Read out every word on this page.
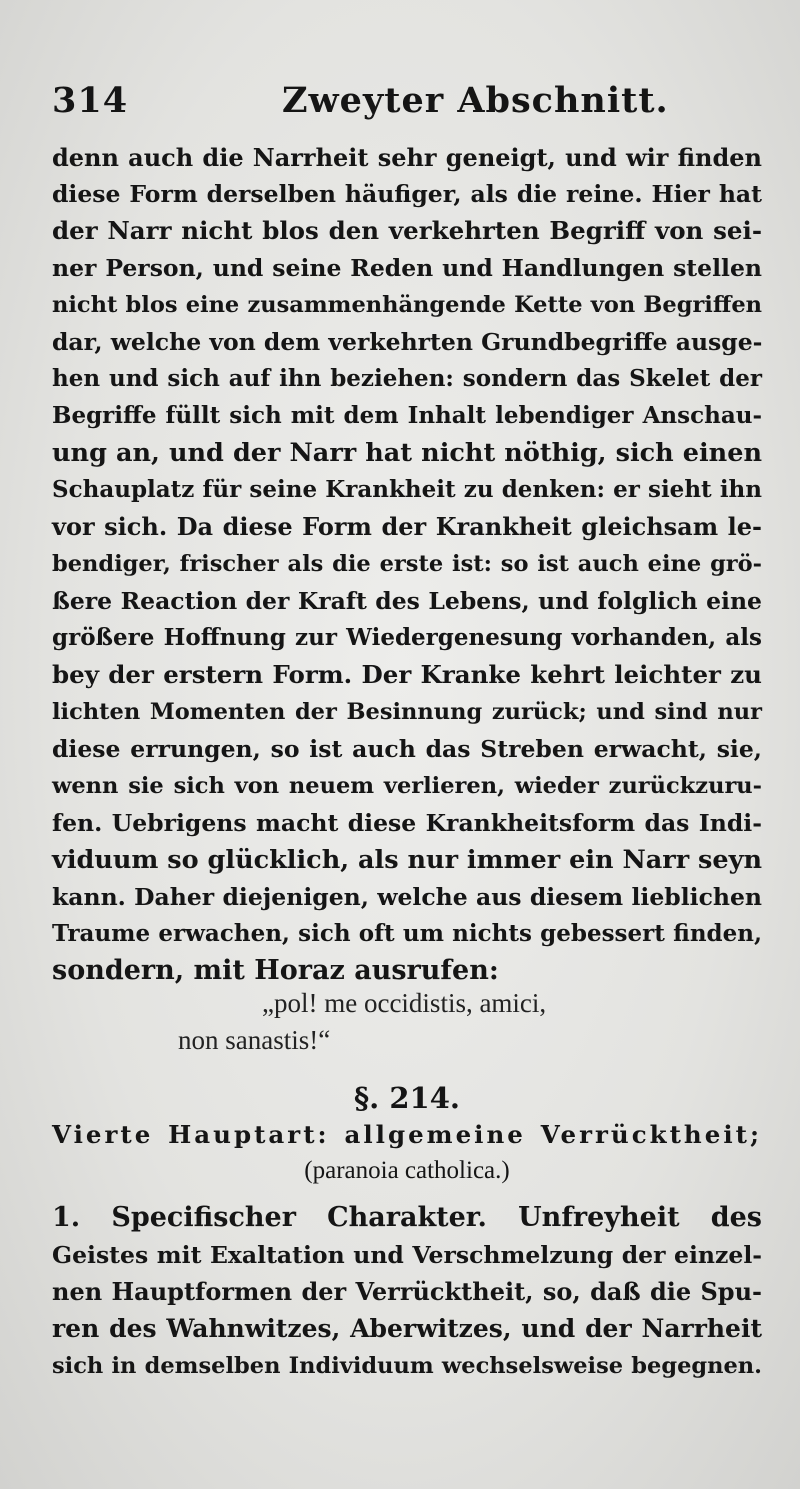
314	Zweyter Abschnitt.
denn auch die Narrheit sehr geneigt, und wir finden
diese Form derselben häufiger, als die reine. Hier hat
der Narr nicht blos den verkehrten Begriff von sei-
ner Person, und seine Reden und Handlungen stellen
nicht blos eine zusammenhängende Kette von Begriffen
dar, welche von dem verkehrten Grundbegriffe ausge-
hen und sich auf ihn beziehen: sondern das Skelet der
Begriffe füllt sich mit dem Inhalt lebendiger Anschau-
ung an, und der Narr hat nicht nöthig, sich einen
Schauplatz für seine Krankheit zu denken: er sieht ihn
vor sich. Da diese Form der Krankheit gleichsam le-
bendiger, frischer als die erste ist: so ist auch eine grö-
ßere Reaction der Kraft des Lebens, und folglich eine
größere Hoffnung zur Wiedergenesung vorhanden, als
bey der erstern Form. Der Kranke kehrt leichter zu
lichten Momenten der Besinnung zurück; und sind nur
diese errungen, so ist auch das Streben erwacht, sie,
wenn sie sich von neuem verlieren, wieder zurückzuru-
fen. Uebrigens macht diese Krankheitsform das Indi-
viduum so glücklich, als nur immer ein Narr seyn
kann. Daher diejenigen, welche aus diesem lieblichen
Traume erwachen, sich oft um nichts gebessert finden,
sondern, mit Horaz ausrufen:
„pol! me occidistis, amici,
non sanastis!“
§. 214.
Vierte Hauptart: allgemeine Verrücktheit;
(paranoia catholica.)
1. Specifischer Charakter. Unfreyheit des
Geistes mit Exaltation und Verschmelzung der einzel-
nen Hauptformen der Verrücktheit, so, daß die Spu-
ren des Wahnwitzes, Aberwitzes, und der Narrheit
sich in demselben Individuum wechselsweise begegnen.
